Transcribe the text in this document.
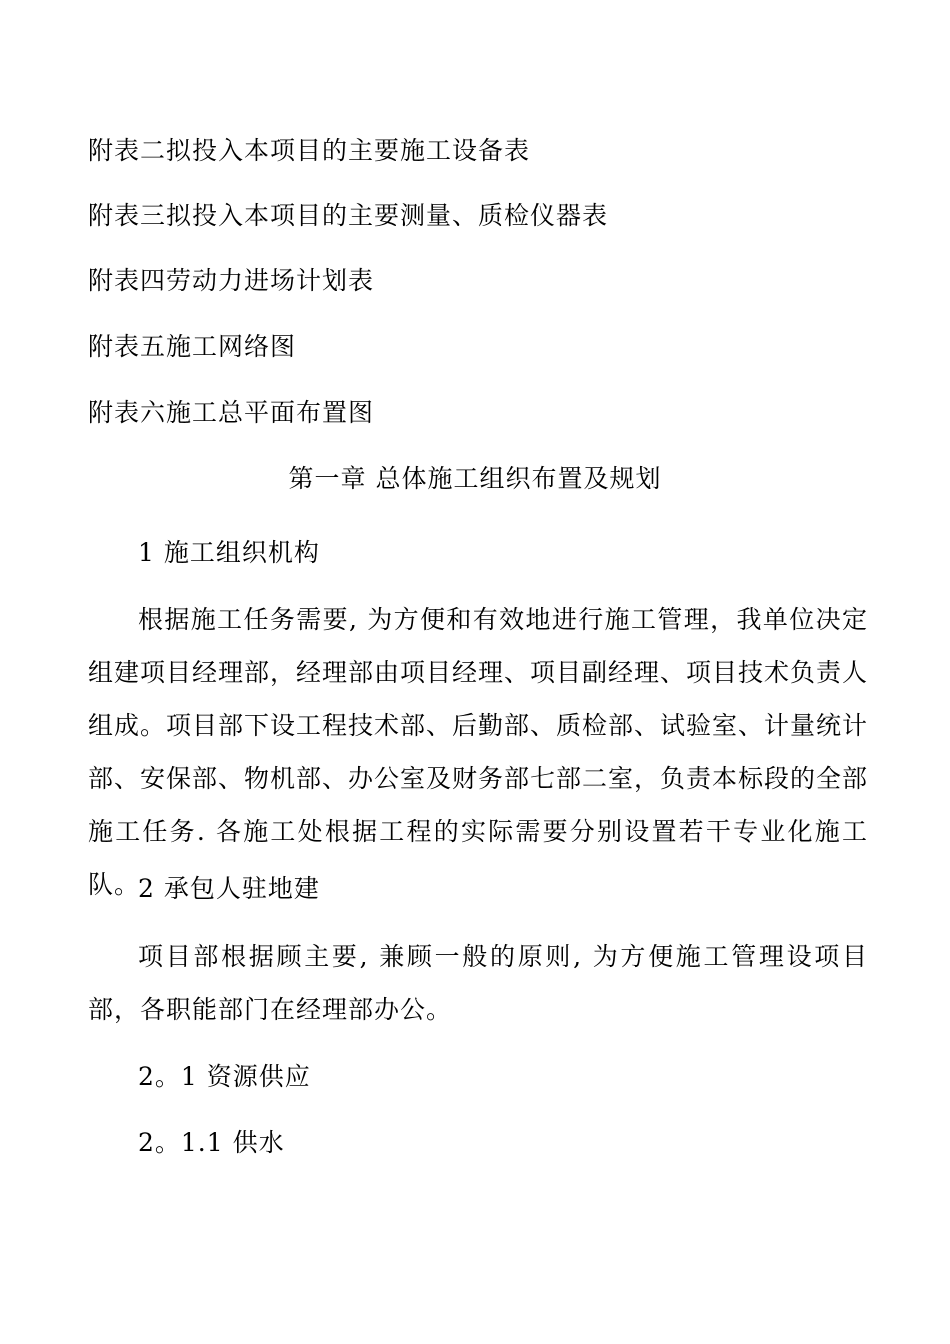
附表二拟投入本项目的主要施工设备表
附表三拟投入本项目的主要测量、质检仪器表
附表四劳动力进场计划表
附表五施工网络图
附表六施工总平面布置图
第一章 总体施工组织布置及规划
1 施工组织机构
根据施工任务需要, 为方便和有效地进行施工管理，我单位决定组建项目经理部，经理部由项目经理、项目副经理、项目技术负责人组成。项目部下设工程技术部、后勤部、质检部、试验室、计量统计部、安保部、物机部、办公室及财务部七部二室，负责本标段的全部施工任务. 各施工处根据工程的实际需要分别设置若干专业化施工队。
2 承包人驻地建
项目部根据顾主要, 兼顾一般的原则, 为方便施工管理设项目部，各职能部门在经理部办公。
2。1 资源供应
2。1.1 供水
